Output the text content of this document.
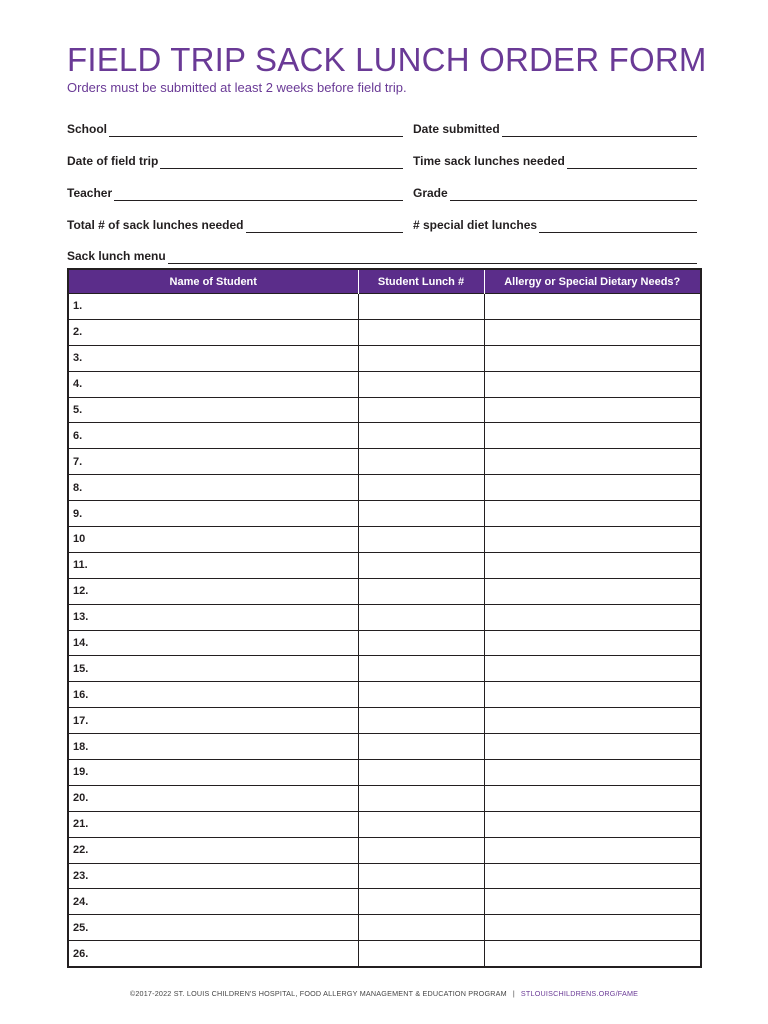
FIELD TRIP SACK LUNCH ORDER FORM
Orders must be submitted at least 2 weeks before field trip.
School	Date submitted
Date of field trip	Time sack lunches needed
Teacher	Grade
Total # of sack lunches needed	# special diet lunches
Sack lunch menu
Name of Student	Student Lunch #	Allergy or Special Dietary Needs?
1.		
2.		
3.		
4.		
5.		
6.		
7.		
8.		
9.		
10		
11.		
12.		
13.		
14.		
15.		
16.		
17.		
18.		
19.		
20.		
21.		
22.		
23.		
24.		
25.		
26.		
©2017-2022 ST. LOUIS CHILDREN'S HOSPITAL, FOOD ALLERGY MANAGEMENT & EDUCATION PROGRAM | STLOUISCHILDRENS.ORG/FAME
